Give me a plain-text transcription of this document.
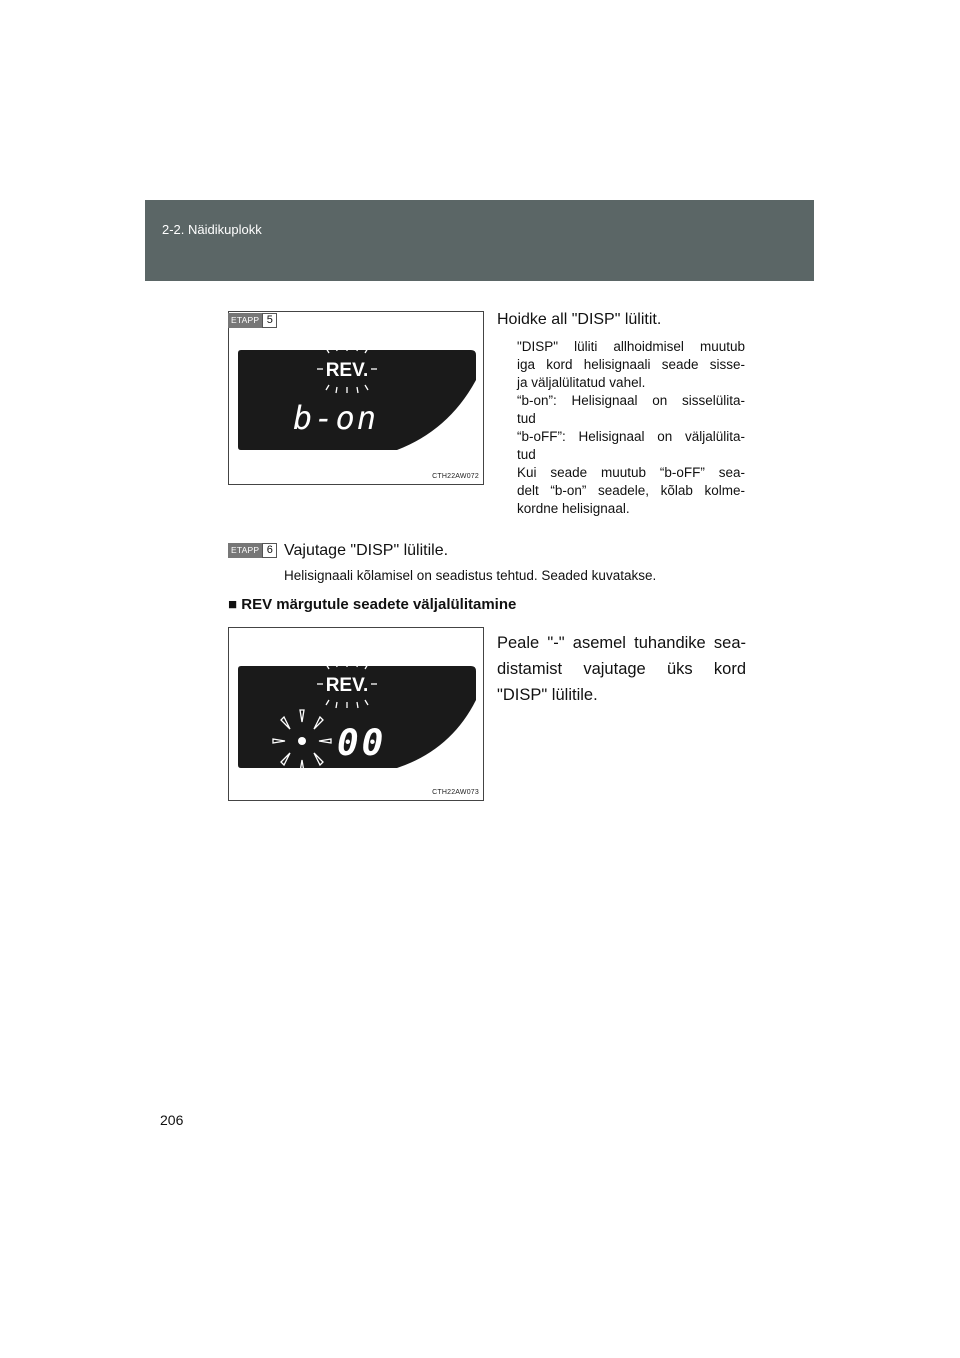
2-2. Näidikuplokk
REV.
b-on
CTH22AW072
ETAPP 5	Hoidke all "DISP" lülitit.
"DISP" lüliti allhoidmisel muutub
iga kord helisignaali seade sisse-
ja väljalülitatud vahel.
“b-on”: Helisignaal on sisselülita-
tud
“b-oFF”: Helisignaal on väljalülita-
tud
Kui seade muutub “b-oFF” sea-
delt “b-on” seadele, kõlab kolme-
kordne helisignaal.
ETAPP 6 Vajutage "DISP" lülitile.
Helisignaali kõlamisel on seadistus tehtud. Seaded kuvatakse.
■ REV märgutule seadete väljalülitamine
Peale "-" asemel tuhandike sea-
distamist vajutage üks kord
"DISP" lülitile.
REV.
00
CTH22AW073
206
